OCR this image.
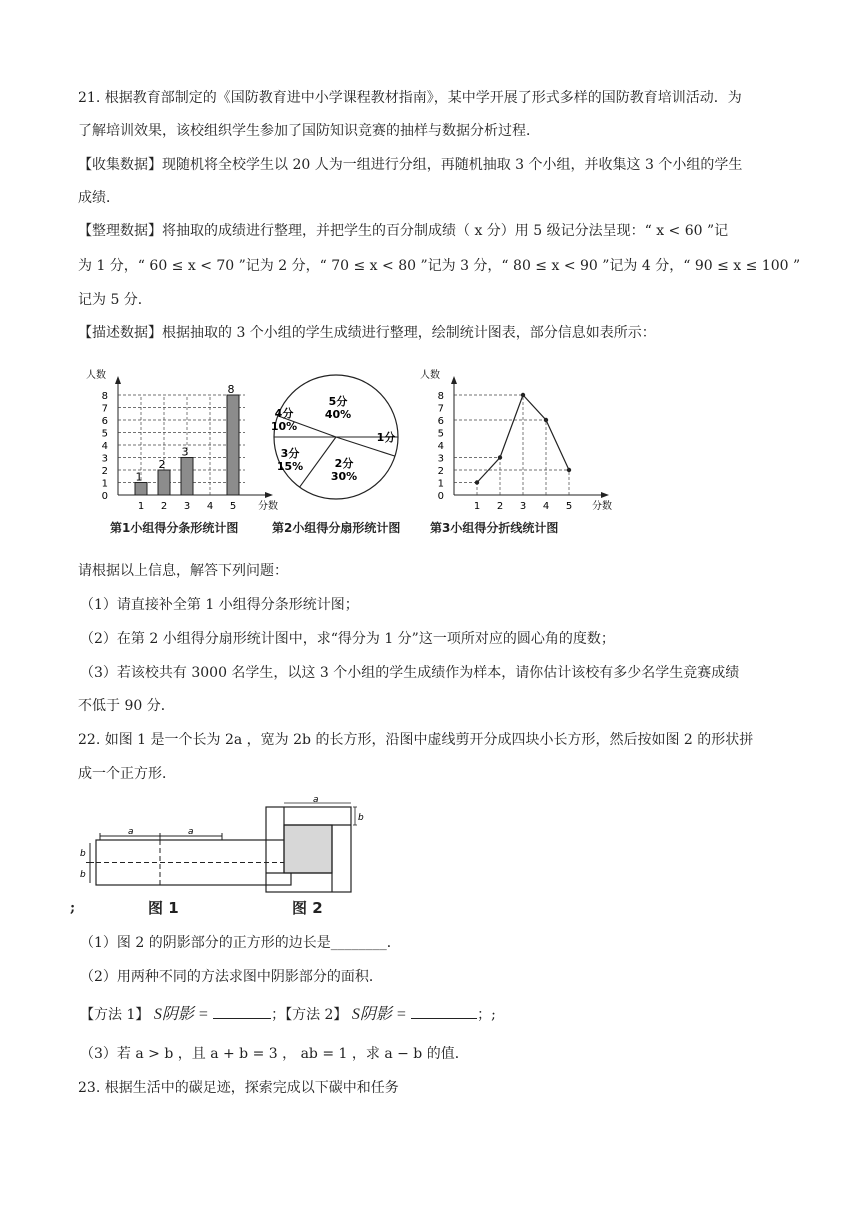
21. 根据教育部制定的《国防教育进中小学课程教材指南》，某中学开展了形式多样的国防教育培训活动．为
了解培训效果，该校组织学生参加了国防知识竞赛的抽样与数据分析过程．
【收集数据】现随机将全校学生以 20 人为一组进行分组，再随机抽取 3 个小组，并收集这 3 个小组的学生
成绩．
【整理数据】将抽取的成绩进行整理，并把学生的百分制成绩（ x 分）用 5 级记分法呈现：“ x < 60 ”记
为 1 分，“ 60 ≤ x < 70 ”记为 2 分，“ 70 ≤ x < 80 ”记为 3 分，“ 80 ≤ x < 90 ”记为 4 分，“ 90 ≤ x ≤ 100 ”
记为 5 分．
【描述数据】根据抽取的 3 个小组的学生成绩进行整理，绘制统计图表，部分信息如表所示：
人数
分数
0
1
2
3
4
5
6
7
8
1
1
2
2
3
3
4 5
8
5分
40%
1分
2分
30%
3分
15%
4分
10%
人数
分数
0
1
2
3
4
5
6
7
8
1 2 3 4 5
第1小组得分条形统计图	第2小组得分扇形统计图 第3小组得分折线统计图
请根据以上信息，解答下列问题：
（1）请直接补全第 1 小组得分条形统计图；
（2）在第 2 小组得分扇形统计图中，求“得分为 1 分”这一项所对应的圆心角的度数；
（3）若该校共有 3000 名学生，以这 3 个小组的学生成绩作为样本，请你估计该校有多少名学生竞赛成绩
不低于 90 分．
22. 如图 1 是一个长为 2a ，宽为 2b 的长方形，沿图中虚线剪开分成四块小长方形，然后按如图 2 的形状拼
成一个正方形．
a	a
b
b
a
b
;	图 1	图 2
（1）图 2 的阴影部分的正方形的边长是________．
（2）用两种不同的方法求图中阴影部分的面积．
【方法 1】 S阴影 =	；【方法 2】 S阴影 =	；;
（3）若 a > b ，且 a + b = 3 ， ab = 1 ，求 a − b 的值．
23. 根据生活中的碳足迹，探索完成以下碳中和任务
